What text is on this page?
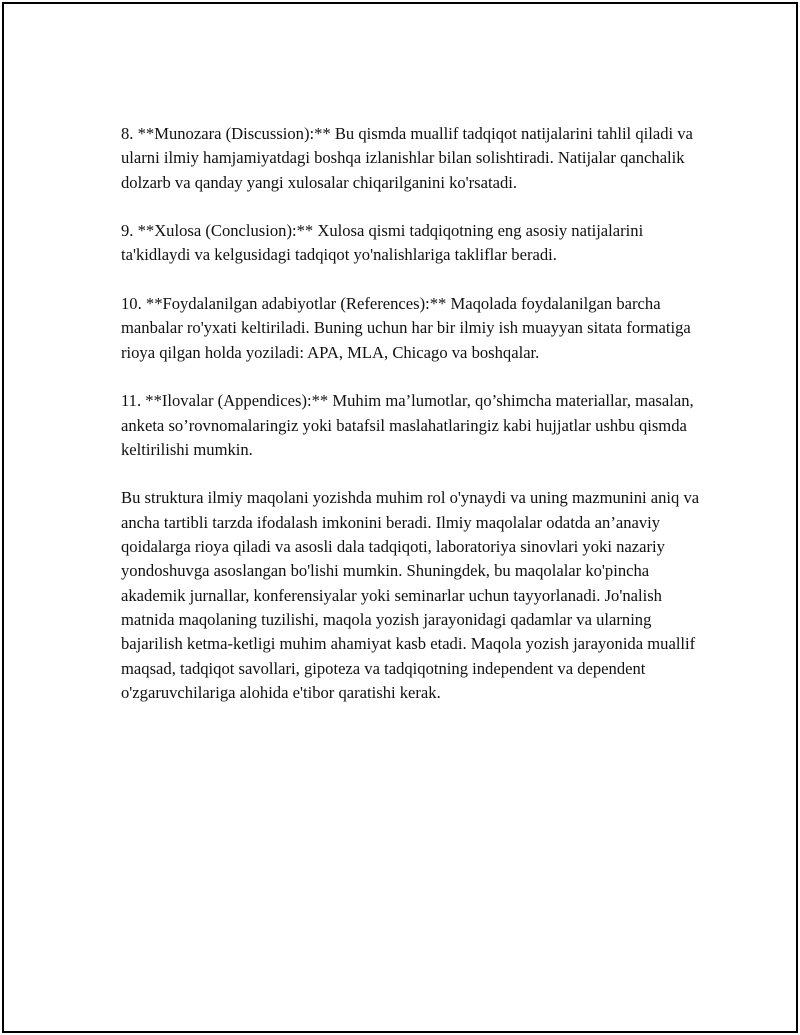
8. **Munozara (Discussion):** Bu qismda muallif tadqiqot natijalarini tahlil qiladi va ularni ilmiy hamjamiyatdagi boshqa izlanishlar bilan solishtiradi. Natijalar qanchalik dolzarb va qanday yangi xulosalar chiqarilganini ko'rsatadi.

9. **Xulosa (Conclusion):** Xulosa qismi tadqiqotning eng asosiy natijalarini ta'kidlaydi va kelgusidagi tadqiqot yo'nalishlariga takliflar beradi.

10. **Foydalanilgan adabiyotlar (References):** Maqolada foydalanilgan barcha manbalar ro'yxati keltiriladi. Buning uchun har bir ilmiy ish muayyan sitata formatiga rioya qilgan holda yoziladi: APA, MLA, Chicago va boshqalar.

11. **Ilovalar (Appendices):** Muhim ma’lumotlar, qo’shimcha materiallar, masalan, anketa so’rovnomalaringiz yoki batafsil maslahatlaringiz kabi hujjatlar ushbu qismda keltirilishi mumkin.

Bu struktura ilmiy maqolani yozishda muhim rol o'ynaydi va uning mazmunini aniq va ancha tartibli tarzda ifodalash imkonini beradi. Ilmiy maqolalar odatda an’anaviy qoidalarga rioya qiladi va asosli dala tadqiqoti, laboratoriya sinovlari yoki nazariy yondoshuvga asoslangan bo'lishi mumkin. Shuningdek, bu maqolalar ko'pincha akademik jurnallar, konferensiyalar yoki seminarlar uchun tayyorlanadi. Jo'nalish matnida maqolaning tuzilishi, maqola yozish jarayonidagi qadamlar va ularning bajarilish ketma-ketligi muhim ahamiyat kasb etadi. Maqola yozish jarayonida muallif maqsad, tadqiqot savollari, gipoteza va tadqiqotning independent va dependent o'zgaruvchilariga alohida e'tibor qaratishi kerak.
